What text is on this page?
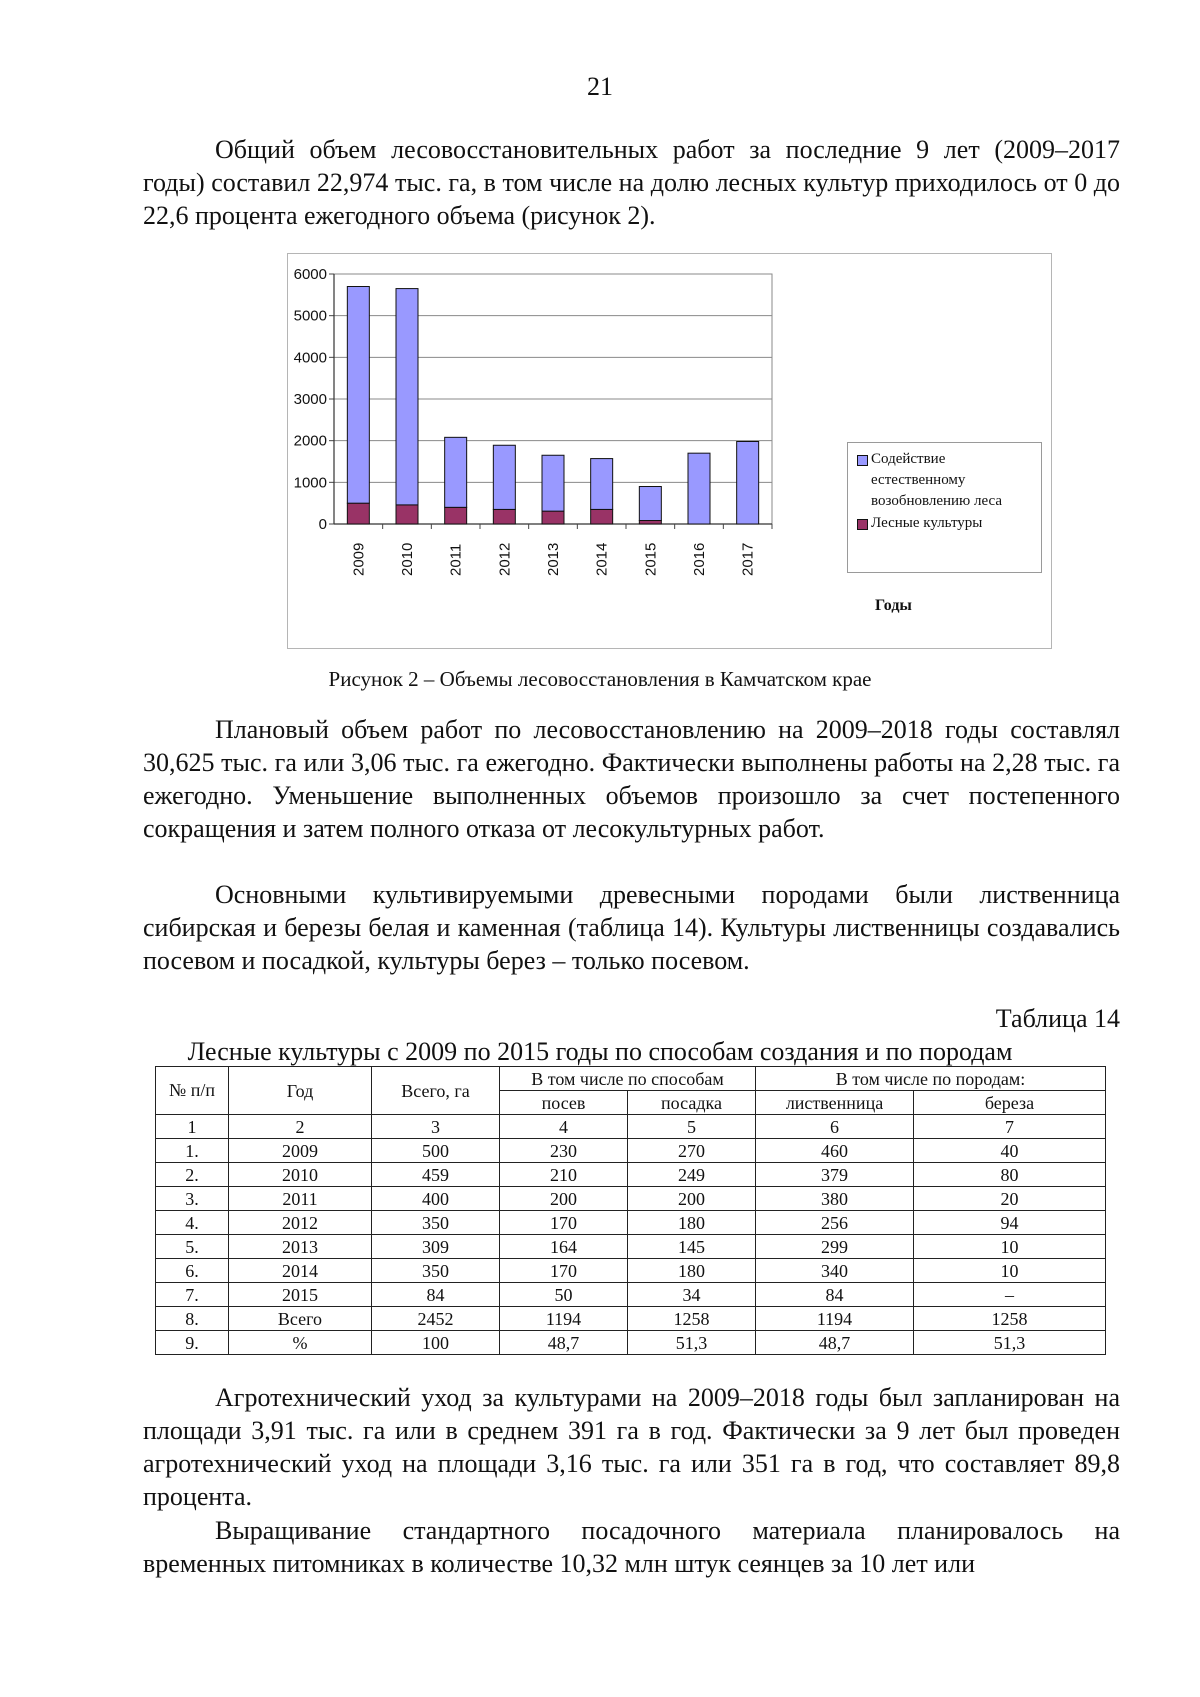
21

Общий объем лесовосстановительных работ за последние 9 лет (2009–2017 годы) составил 22,974 тыс. га, в том числе на долю лесных культур приходилось от 0 до 22,6 процента ежегодного объема (рисунок 2).

0
1000
2000
3000
4000
5000
6000
2009 2010 2011 2012 2013 2014 2015 2016 2017
Содействие естественному возобновлению леса
Лесные культуры
Годы
Рисунок 2 – Объемы лесовосстановления в Камчатском крае

Плановый объем работ по лесовосстановлению на 2009–2018 годы составлял 30,625 тыс. га или 3,06 тыс. га ежегодно. Фактически выполнены работы на 2,28 тыс. га ежегодно. Уменьшение выполненных объемов произошло за счет постепенного сокращения и затем полного отказа от лесокультурных работ.

Основными культивируемыми древесными породами были лиственница сибирская и березы белая и каменная (таблица 14). Культуры лиственницы создавались посевом и посадкой, культуры берез – только посевом.

Таблица 14
Лесные культуры с 2009 по 2015 годы по способам создания и по породам
№ п/п	Год	Всего, га	В том числе по способам		В том числе по породам:	
			посев	посадка	лиственница	береза
1	2	3	4	5	6	7
1.	2009	500	230	270	460	40
2.	2010	459	210	249	379	80
3.	2011	400	200	200	380	20
4.	2012	350	170	180	256	94
5.	2013	309	164	145	299	10
6.	2014	350	170	180	340	10
7.	2015	84	50	34	84	–
8.	Всего	2452	1194	1258	1194	1258
9.	%	100	48,7	51,3	48,7	51,3

Агротехнический уход за культурами на 2009–2018 годы был запланирован на площади 3,91 тыс. га или в среднем 391 га в год. Фактически за 9 лет был проведен агротехнический уход на площади 3,16 тыс. га или 351 га в год, что составляет 89,8 процента.

Выращивание стандартного посадочного материала планировалось на временных питомниках в количестве 10,32 млн штук сеянцев за 10 лет или
